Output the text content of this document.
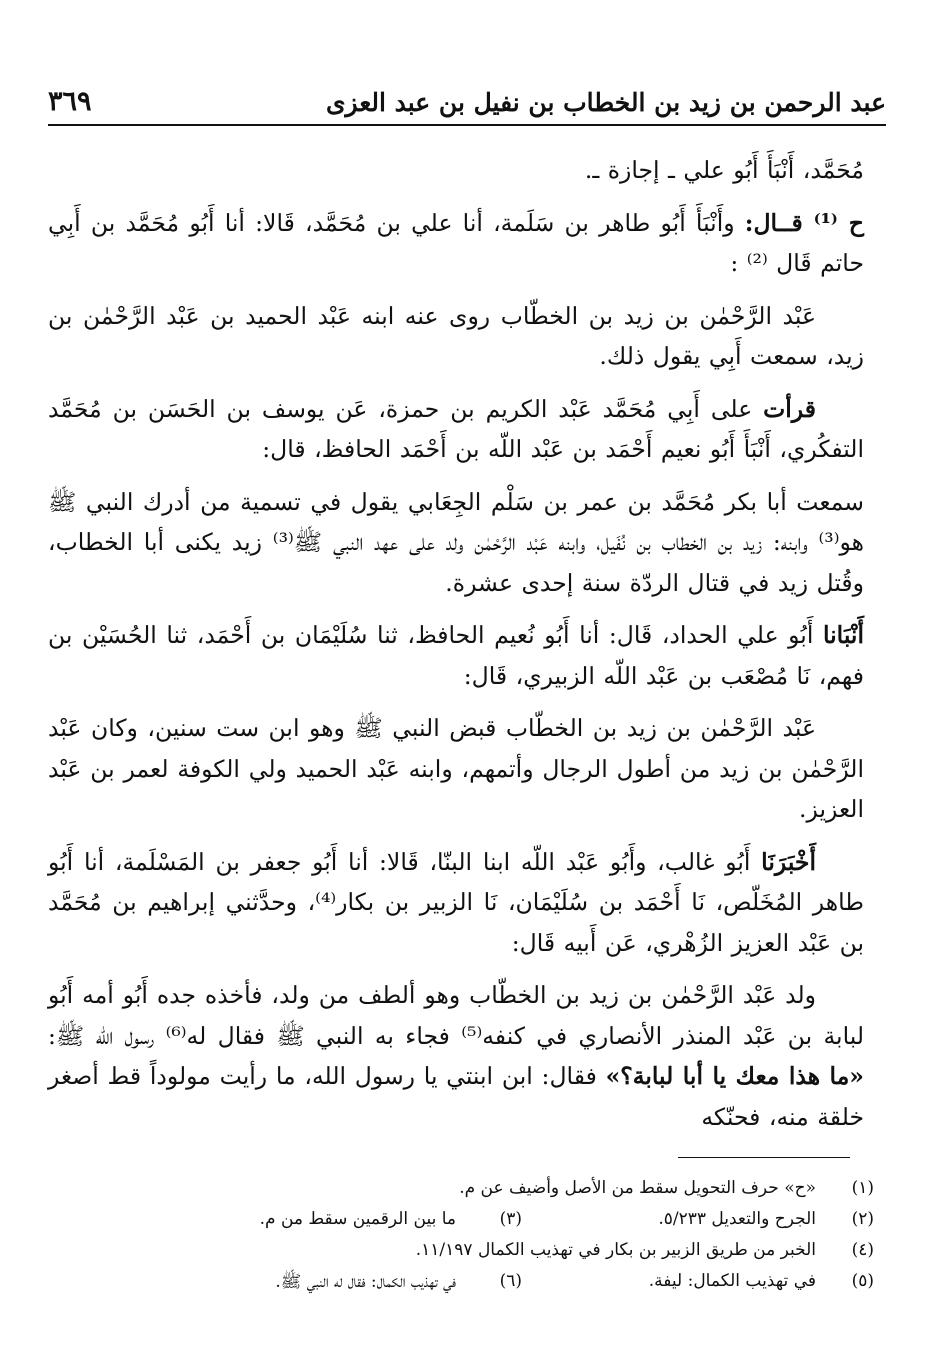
عبد الرحمن بن زيد بن الخطاب بن نفيل بن عبد العزى
٣٦٩

مُحَمَّد، أَنْبَأَ أَبُو علي ـ إجازة ـ.

ح ⁽¹⁾ قــال: وأَنْبَأَ أَبُو طاهر بن سَلَمة، أنا علي بن مُحَمَّد، قَالا: أنا أَبُو مُحَمَّد بن أَبِي حاتم قَال ⁽²⁾ :

عَبْد الرَّحْمٰن بن زيد بن الخطّاب روى عنه ابنه عَبْد الحميد بن عَبْد الرَّحْمٰن بن زيد، سمعت أَبِي يقول ذلك.

قرأت على أَبِي مُحَمَّد عَبْد الكريم بن حمزة، عَن يوسف بن الحَسَن بن مُحَمَّد التفكُري، أَنْبَأَ أَبُو نعيم أَحْمَد بن عَبْد اللّه بن أَحْمَد الحافظ، قال:

سمعت أبا بكر مُحَمَّد بن عمر بن سَلْم الجِعَابي يقول في تسمية من أدرك النبي ﷺ هو⁽³⁾ وابنه: زيد بن الخطاب بن نُفَيل، وابنه عَبْد الرَّحْمٰن ولد على عهد النبي ﷺ⁽³⁾ زيد يكنى أبا الخطاب، وقُتل زيد في قتال الردّة سنة إحدى عشرة.

أَنْبَانا أَبُو علي الحداد، قَال: أنا أَبُو نُعيم الحافظ، ثنا سُلَيْمَان بن أَحْمَد، ثنا الحُسَيْن بن فهم، نَا مُصْعَب بن عَبْد اللّه الزبيري، قَال:

عَبْد الرَّحْمٰن بن زيد بن الخطّاب قبض النبي ﷺ وهو ابن ست سنين، وكان عَبْد الرَّحْمٰن بن زيد من أطول الرجال وأتمهم، وابنه عَبْد الحميد ولي الكوفة لعمر بن عَبْد العزيز.

أَخْبَرَنَا أَبُو غالب، وأَبُو عَبْد اللّه ابنا البنّا، قَالا: أنا أَبُو جعفر بن المَسْلَمة، أنا أَبُو طاهر المُخَلّص، نَا أَحْمَد بن سُلَيْمَان، نَا الزبير بن بكار⁽⁴⁾، وحدَّثني إبراهيم بن مُحَمَّد بن عَبْد العزيز الزُهْري، عَن أَبيه قَال:

ولد عَبْد الرَّحْمٰن بن زيد بن الخطّاب وهو ألطف من ولد، فأخذه جده أَبُو أمه أَبُو لبابة بن عَبْد المنذر الأنصاري في كنفه⁽⁵⁾ فجاء به النبي ﷺ فقال له⁽⁶⁾ رسول الله ﷺ: «ما هذا معك يا أبا لبابة؟» فقال: ابن ابنتي يا رسول الله، ما رأيت مولوداً قط أصغر خلقة منه، فحنّكه

(١)
«ح» حرف التحويل سقط من الأصل وأضيف عن م.
(٢)
الجرح والتعديل ٥/٢٣٣.
(٣)
ما بين الرقمين سقط من م.
(٤)
الخبر من طريق الزبير بن بكار في تهذيب الكمال ١١/١٩٧.
(٥)
في تهذيب الكمال: ليفة.
(٦)
في تهذيب الكمال: فقال له النبي ﷺ.
